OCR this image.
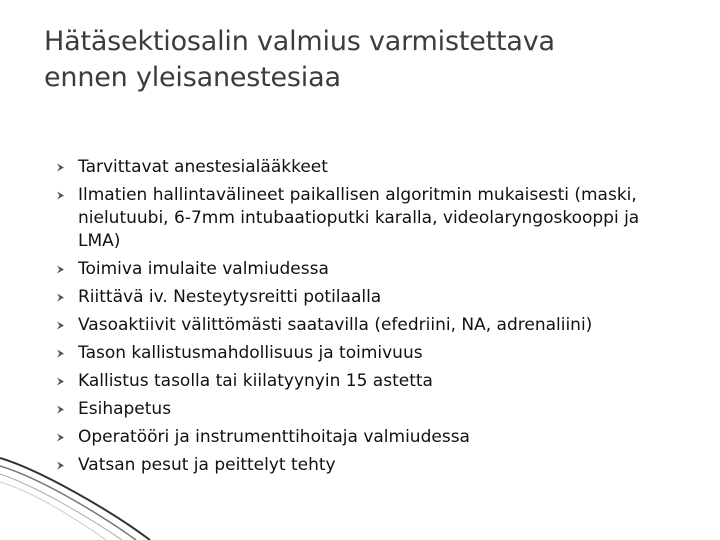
Hätäsektiosalin valmius varmistettava
ennen yleisanestesiaa
Tarvittavat anestesialääkkeet
Ilmatien hallintavälineet paikallisen algoritmin mukaisesti (maski, nielutuubi, 6-7mm intubaatioputki karalla, videolaryngoskooppi ja LMA)
Toimiva imulaite valmiudessa
Riittävä iv. Nesteytysreitti potilaalla
Vasoaktiivit välittömästi saatavilla (efedriini, NA, adrenaliini)
Tason kallistusmahdollisuus ja toimivuus
Kallistus tasolla tai kiilatyynyin 15 astetta
Esihapetus
Operatööri ja instrumenttihoitaja valmiudessa
Vatsan pesut ja peittelyt tehty
